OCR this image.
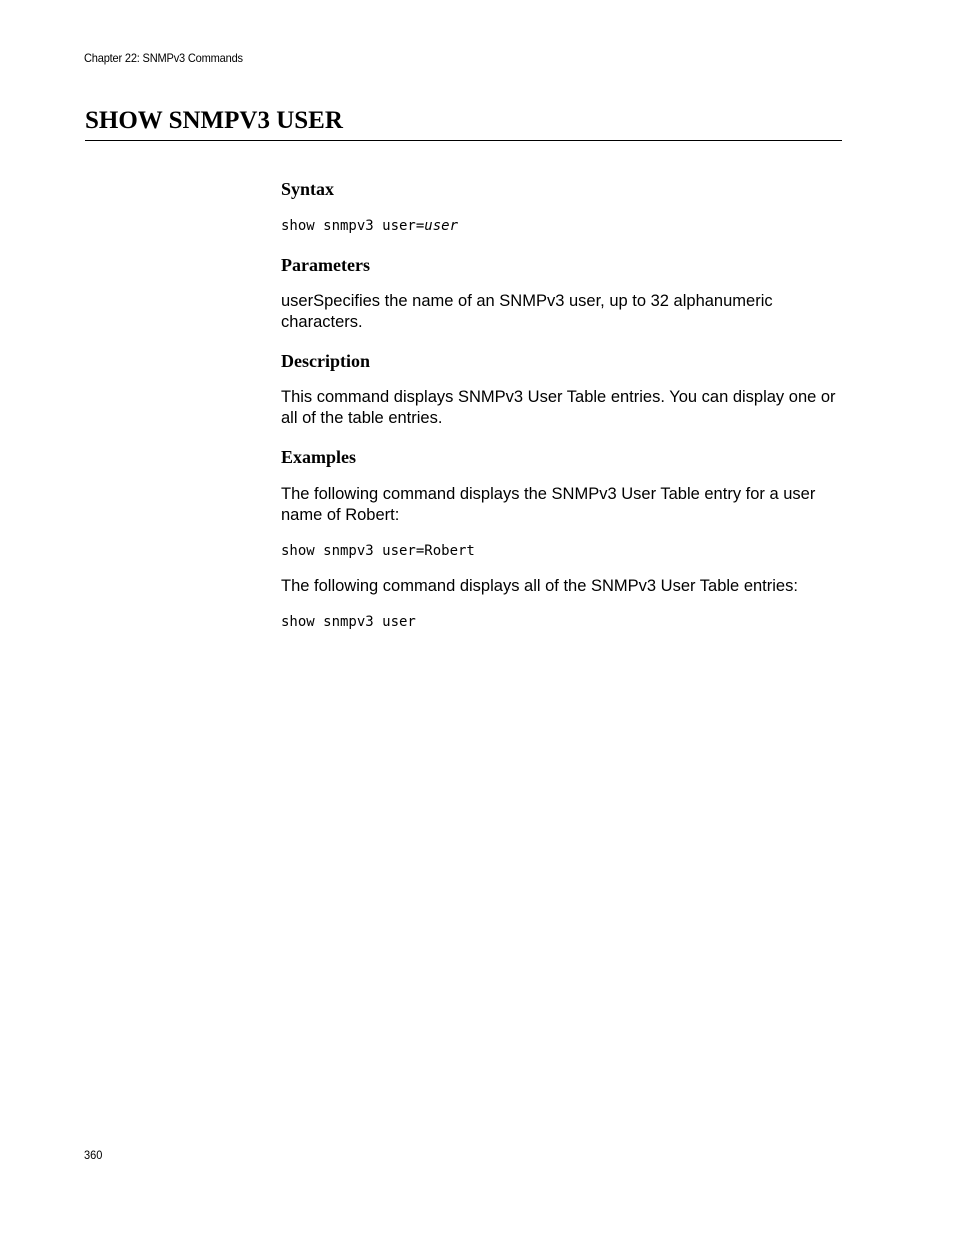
Chapter 22: SNMPv3 Commands
SHOW SNMPV3 USER
Syntax

show snmpv3 user=user

Parameters

userSpecifies the name of an SNMPv3 user, up to 32 alphanumeric characters.

Description

This command displays SNMPv3 User Table entries. You can display one or all of the table entries.

Examples

The following command displays the SNMPv3 User Table entry for a user name of Robert:

show snmpv3 user=Robert

The following command displays all of the SNMPv3 User Table entries:

show snmpv3 user

360
